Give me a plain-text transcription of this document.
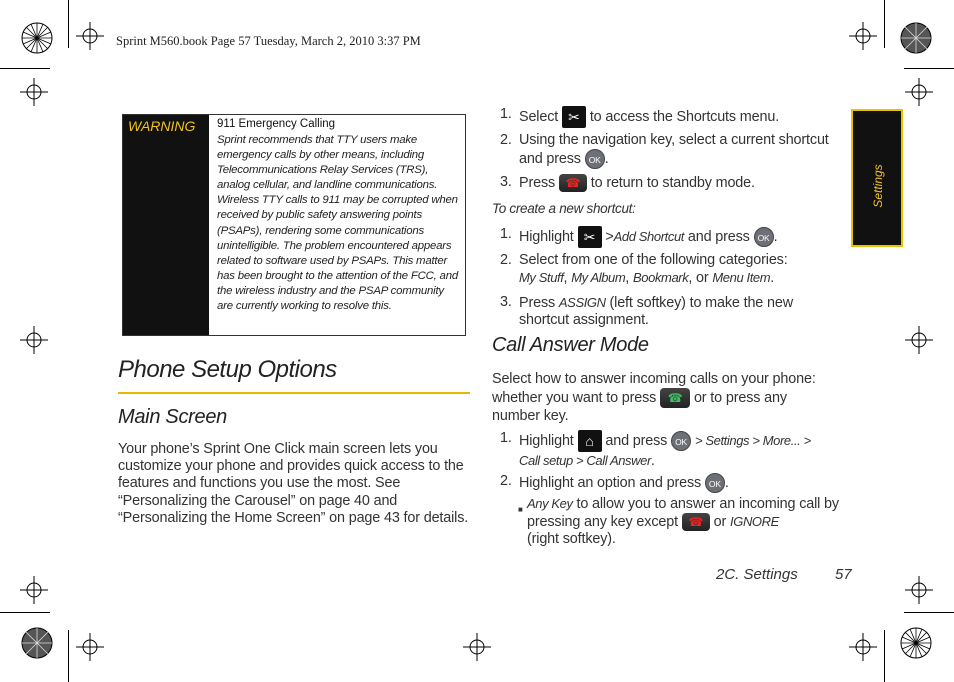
Sprint M560.book Page 57 Tuesday, March 2, 2010 3:37 PM
WARNING 911 Emergency Calling
Sprint recommends that TTY users make emergency calls by other means, including Telecommunications Relay Services (TRS), analog cellular, and landline communications. Wireless TTY calls to 911 may be corrupted when received by public safety answering points (PSAPs), rendering some communications unintelligible. The problem encountered appears related to software used by PSAPs. This matter has been brought to the attention of the FCC, and the wireless industry and the PSAP community are currently working to resolve this.
Phone Setup Options
Main Screen
Your phone’s Sprint One Click main screen lets you customize your phone and provides quick access to the features and functions you use the most. See “Personalizing the Carousel” on page 40 and “Personalizing the Home Screen” on page 43 for details.
1. Select ✂ to access the Shortcuts menu.
2. Using the navigation key, select a current shortcut and press OK .
3. Press ☎ to return to standby mode.
To create a new shortcut:
1. Highlight ✂ >Add Shortcut and press OK .
2. Select from one of the following categories:
My Stuff, My Album, Bookmark, or Menu Item.
3. Press ASSIGN (left softkey) to make the new shortcut assignment.
Call Answer Mode
Select how to answer incoming calls on your phone: whether you want to press ☎ or to press any number key.
1. Highlight ⌂ and press OK > Settings > More... >
Call setup > Call Answer.
2. Highlight an option and press OK .
■ Any Key to allow you to answer an incoming call by pressing any key except ☎ or IGNORE
(right softkey).
Settings
2C. Settings 57
